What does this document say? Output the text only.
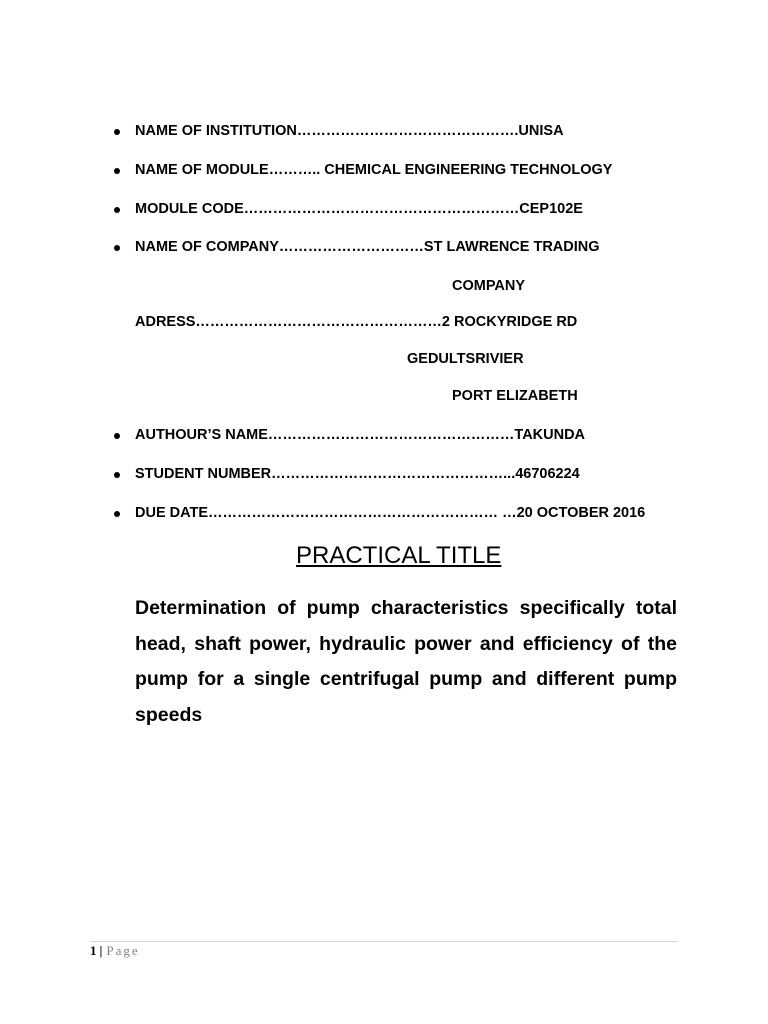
NAME OF INSTITUTION……………………………………….UNISA
NAME OF MODULE……….. CHEMICAL ENGINEERING TECHNOLOGY
MODULE CODE…………………………………………………CEP102E
NAME OF COMPANY…………………………ST LAWRENCE TRADING
COMPANY
ADRESS……………………………………………2 ROCKYRIDGE RD
GEDULTSRIVIER
PORT ELIZABETH
AUTHOUR’S NAME……………………………………………TAKUNDA
STUDENT NUMBER…………………………………………...46706224
DUE DATE…………………………………………………… …20 OCTOBER 2016
PRACTICAL TITLE
Determination of pump characteristics specifically total head, shaft power, hydraulic power and efficiency of the pump for a single centrifugal pump and different pump speeds
1 | Page
